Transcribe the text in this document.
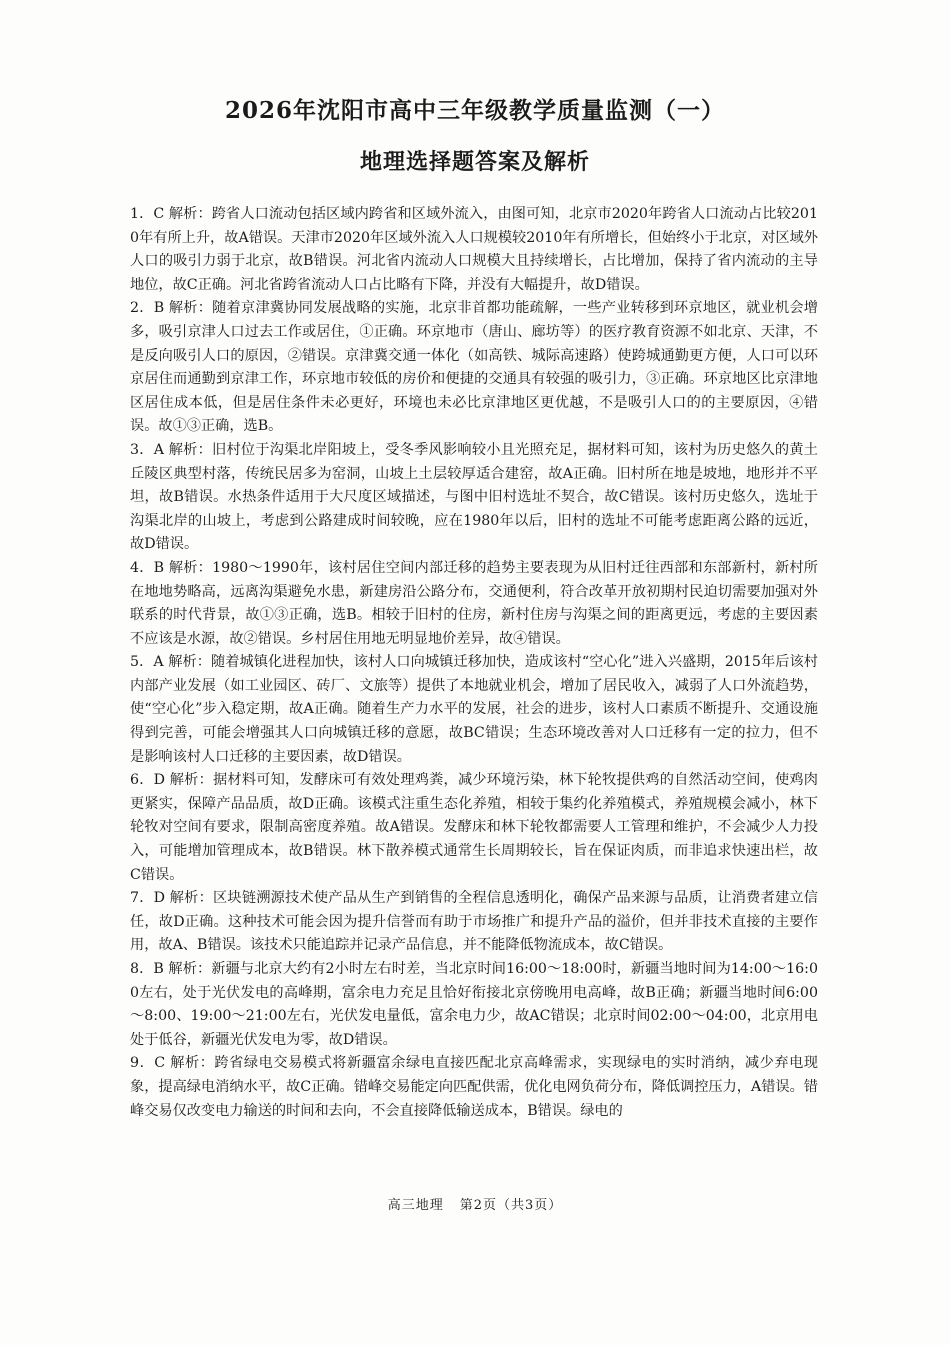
2026年沈阳市高中三年级教学质量监测（一）
地理选择题答案及解析

1．C 解析：跨省人口流动包括区域内跨省和区域外流入，由图可知，北京市2020年跨省人口流动占比较2010年有所上升，故A错误。天津市2020年区域外流入人口规模较2010年有所增长，但始终小于北京，对区域外人口的吸引力弱于北京，故B错误。河北省内流动人口规模大且持续增长，占比增加，保持了省内流动的主导地位，故C正确。河北省跨省流动人口占比略有下降，并没有大幅提升，故D错误。

2．B 解析：随着京津冀协同发展战略的实施，北京非首都功能疏解，一些产业转移到环京地区，就业机会增多，吸引京津人口过去工作或居住，①正确。环京地市（唐山、廊坊等）的医疗教育资源不如北京、天津，不是反向吸引人口的原因，②错误。京津冀交通一体化（如高铁、城际高速路）使跨城通勤更方便，人口可以环京居住而通勤到京津工作，环京地市较低的房价和便捷的交通具有较强的吸引力，③正确。环京地区比京津地区居住成本低，但是居住条件未必更好，环境也未必比京津地区更优越，不是吸引人口的的主要原因，④错误。故①③正确，选B。

3．A 解析：旧村位于沟渠北岸阳坡上，受冬季风影响较小且光照充足，据材料可知，该村为历史悠久的黄土丘陵区典型村落，传统民居多为窑洞，山坡上土层较厚适合建窑，故A正确。旧村所在地是坡地，地形并不平坦，故B错误。水热条件适用于大尺度区域描述，与图中旧村选址不契合，故C错误。该村历史悠久，选址于沟渠北岸的山坡上，考虑到公路建成时间较晚，应在1980年以后，旧村的选址不可能考虑距离公路的远近，故D错误。

4．B 解析：1980～1990年，该村居住空间内部迁移的趋势主要表现为从旧村迁往西部和东部新村，新村所在地地势略高，远离沟渠避免水患，新建房沿公路分布，交通便利，符合改革开放初期村民迫切需要加强对外联系的时代背景，故①③正确，选B。相较于旧村的住房，新村住房与沟渠之间的距离更远，考虑的主要因素不应该是水源，故②错误。乡村居住用地无明显地价差异，故④错误。

5．A 解析：随着城镇化进程加快，该村人口向城镇迁移加快，造成该村“空心化”进入兴盛期，2015年后该村内部产业发展（如工业园区、砖厂、文旅等）提供了本地就业机会，增加了居民收入，减弱了人口外流趋势，使“空心化”步入稳定期，故A正确。随着生产力水平的发展，社会的进步，该村人口素质不断提升、交通设施得到完善，可能会增强其人口向城镇迁移的意愿，故BC错误；生态环境改善对人口迁移有一定的拉力，但不是影响该村人口迁移的主要因素，故D错误。

6．D 解析：据材料可知，发酵床可有效处理鸡粪，减少环境污染，林下轮牧提供鸡的自然活动空间，使鸡肉更紧实，保障产品品质，故D正确。该模式注重生态化养殖，相较于集约化养殖模式，养殖规模会减小，林下轮牧对空间有要求，限制高密度养殖。故A错误。发酵床和林下轮牧都需要人工管理和维护，不会减少人力投入，可能增加管理成本，故B错误。林下散养模式通常生长周期较长，旨在保证肉质，而非追求快速出栏，故C错误。

7．D 解析：区块链溯源技术使产品从生产到销售的全程信息透明化，确保产品来源与品质，让消费者建立信任，故D正确。这种技术可能会因为提升信誉而有助于市场推广和提升产品的溢价，但并非技术直接的主要作用，故A、B错误。该技术只能追踪并记录产品信息，并不能降低物流成本，故C错误。

8．B 解析：新疆与北京大约有2小时左右时差，当北京时间16:00～18:00时，新疆当地时间为14:00～16:00左右，处于光伏发电的高峰期，富余电力充足且恰好衔接北京傍晚用电高峰，故B正确；新疆当地时间6:00～8:00、19:00～21:00左右，光伏发电量低，富余电力少，故AC错误；北京时间02:00～04:00，北京用电处于低谷，新疆光伏发电为零，故D错误。

9．C 解析：跨省绿电交易模式将新疆富余绿电直接匹配北京高峰需求，实现绿电的实时消纳，减少弃电现象，提高绿电消纳水平，故C正确。错峰交易能定向匹配供需，优化电网负荷分布，降低调控压力，A错误。错峰交易仅改变电力输送的时间和去向，不会直接降低输送成本，B错误。绿电的

高三地理 第2页（共3页）
